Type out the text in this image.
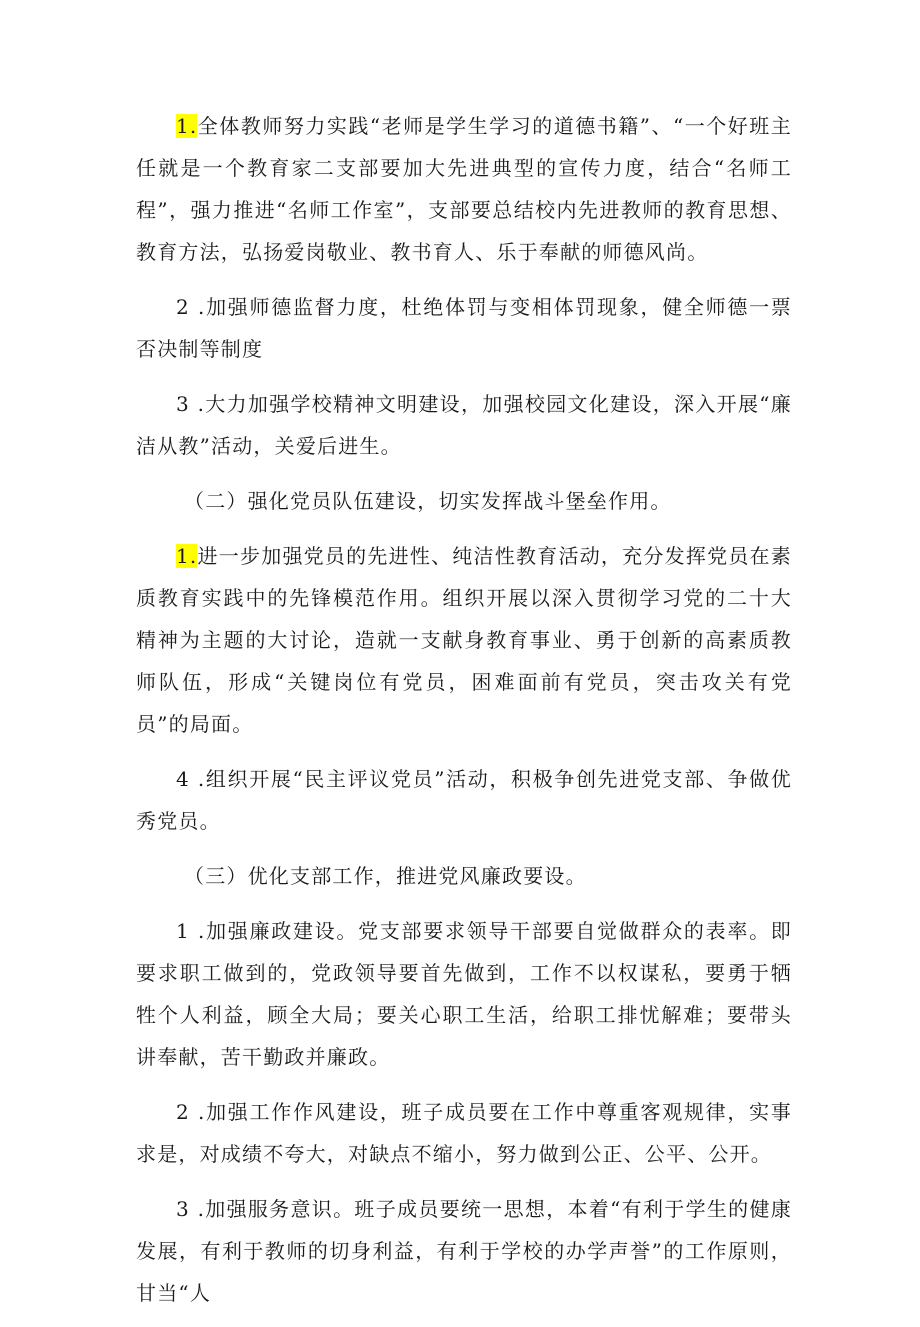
1.全体教师努力实践“老师是学生学习的道德书籍”、“一个好班主任就是一个教育家二支部要加大先进典型的宣传力度，结合“名师工程”，强力推进“名师工作室”，支部要总结校内先进教师的教育思想、教育方法，弘扬爱岗敬业、教书育人、乐于奉献的师德风尚。

2 .加强师德监督力度，杜绝体罚与变相体罚现象，健全师德一票否决制等制度

3 .大力加强学校精神文明建设，加强校园文化建设，深入开展“廉洁从教”活动，关爱后进生。

（二）强化党员队伍建设，切实发挥战斗堡垒作用。

1.进一步加强党员的先进性、纯洁性教育活动，充分发挥党员在素质教育实践中的先锋模范作用。组织开展以深入贯彻学习党的二十大精神为主题的大讨论，造就一支献身教育事业、勇于创新的高素质教师队伍，形成“关键岗位有党员，困难面前有党员，突击攻关有党员”的局面。

4 .组织开展“民主评议党员”活动，积极争创先进党支部、争做优秀党员。

（三）优化支部工作，推进党风廉政要设。

1 .加强廉政建设。党支部要求领导干部要自觉做群众的表率。即要求职工做到的，党政领导要首先做到，工作不以权谋私，要勇于牺牲个人利益，顾全大局；要关心职工生活，给职工排忧解难；要带头讲奉献，苦干勤政并廉政。

2 .加强工作作风建设，班子成员要在工作中尊重客观规律，实事求是，对成绩不夸大，对缺点不缩小，努力做到公正、公平、公开。

3 .加强服务意识。班子成员要统一思想，本着“有利于学生的健康发展，有利于教师的切身利益，有利于学校的办学声誉”的工作原则，甘当“人
